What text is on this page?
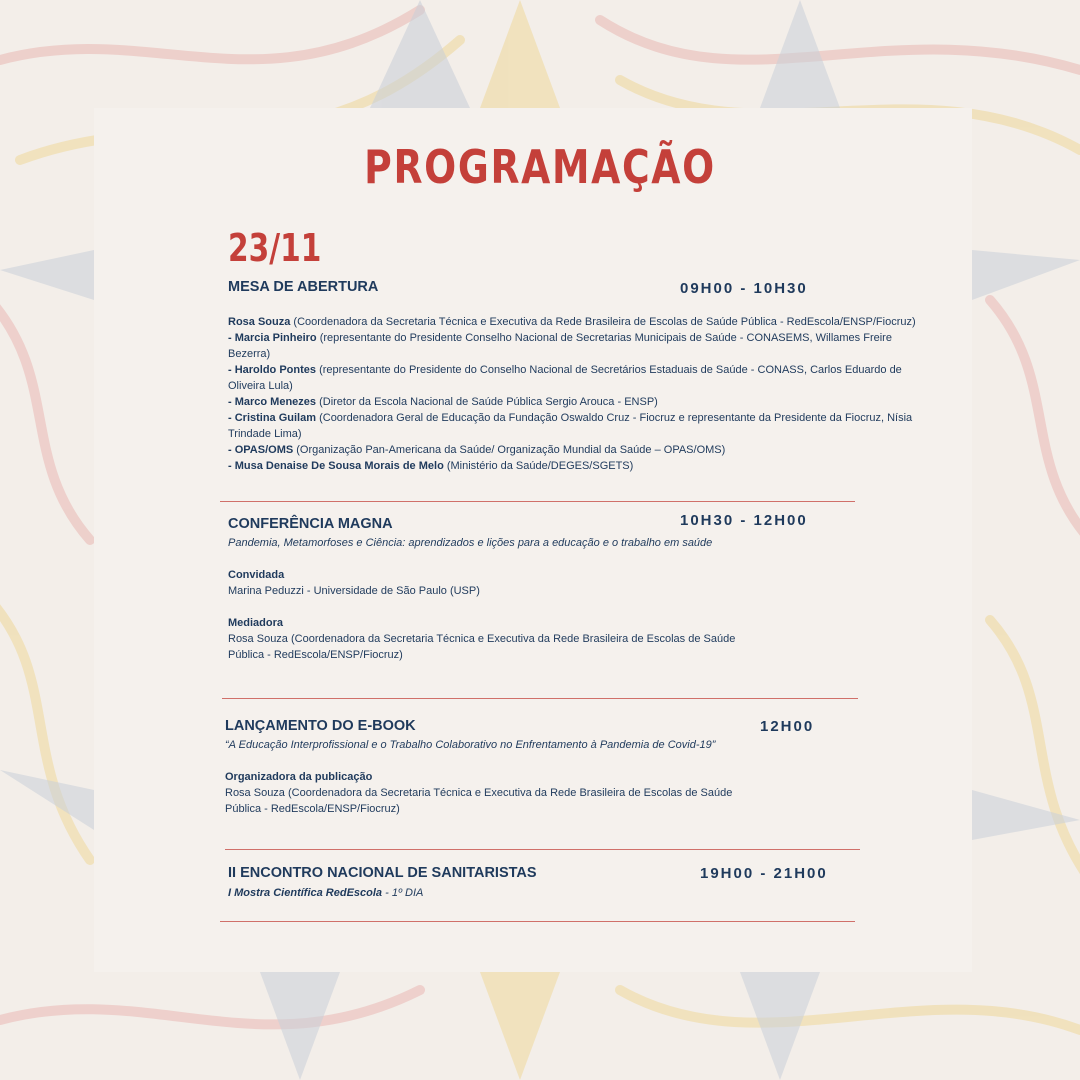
PROGRAMAÇÃO
23/11
MESA DE ABERTURA	09H00 - 10H30
Rosa Souza (Coordenadora da Secretaria Técnica e Executiva da Rede Brasileira de Escolas de Saúde Pública - RedEscola/ENSP/Fiocruz)
- Marcia Pinheiro (representante do Presidente Conselho Nacional de Secretarias Municipais de Saúde - CONASEMS, Willames Freire Bezerra)
- Haroldo Pontes (representante do Presidente do Conselho Nacional de Secretários Estaduais de Saúde - CONASS, Carlos Eduardo de Oliveira Lula)
- Marco Menezes (Diretor da Escola Nacional de Saúde Pública Sergio Arouca - ENSP)
- Cristina Guilam (Coordenadora Geral de Educação da Fundação Oswaldo Cruz - Fiocruz e representante da Presidente da Fiocruz, Nísia Trindade Lima)
- OPAS/OMS (Organização Pan-Americana da Saúde/ Organização Mundial da Saúde – OPAS/OMS)
- Musa Denaise De Sousa Morais de Melo (Ministério da Saúde/DEGES/SGETS)
CONFERÊNCIA MAGNA	10H30 - 12H00
Pandemia, Metamorfoses e Ciência: aprendizados e lições para a educação e o trabalho em saúde
Convidada
Marina Peduzzi - Universidade de São Paulo (USP)
Mediadora
Rosa Souza (Coordenadora da Secretaria Técnica e Executiva da Rede Brasileira de Escolas de Saúde Pública - RedEscola/ENSP/Fiocruz)
LANÇAMENTO DO E-BOOK	12H00
“A Educação Interprofissional e o Trabalho Colaborativo no Enfrentamento à Pandemia de Covid-19”
Organizadora da publicação
Rosa Souza (Coordenadora da Secretaria Técnica e Executiva da Rede Brasileira de Escolas de Saúde Pública - RedEscola/ENSP/Fiocruz)
II ENCONTRO NACIONAL DE SANITARISTAS	19H00 - 21H00
I Mostra Científica RedEscola - 1º DIA
